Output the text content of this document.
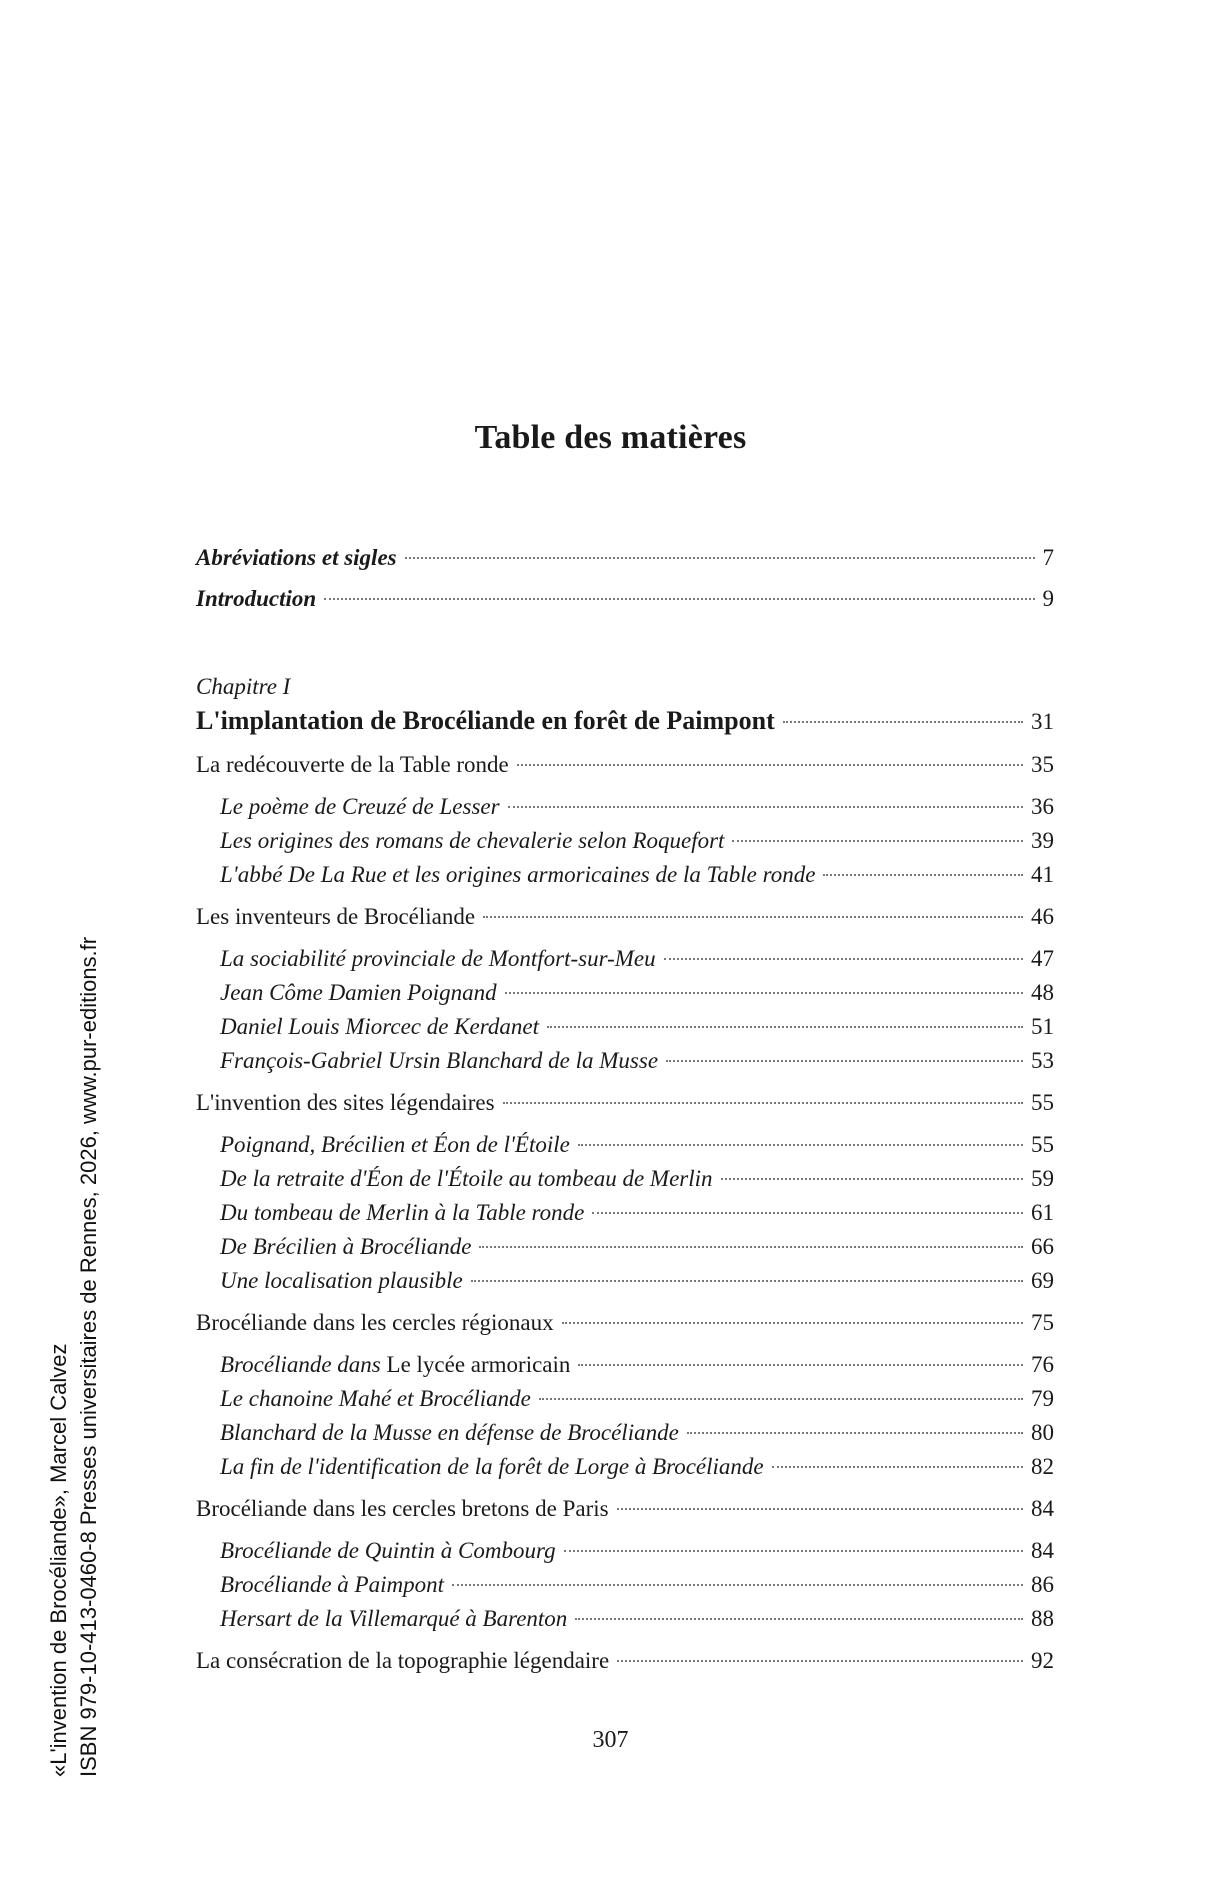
Table des matières
Abréviations et sigles	7
Introduction	9
Chapitre I
L'implantation de Brocéliande en forêt de Paimpont	31
La redécouverte de la Table ronde	35
Le poème de Creuzé de Lesser	36
Les origines des romans de chevalerie selon Roquefort	39
L'abbé De La Rue et les origines armoricaines de la Table ronde	41
Les inventeurs de Brocéliande	46
La sociabilité provinciale de Montfort-sur-Meu	47
Jean Côme Damien Poignand	48
Daniel Louis Miorcec de Kerdanet	51
François-Gabriel Ursin Blanchard de la Musse	53
L'invention des sites légendaires	55
Poignand, Brécilien et Éon de l'Étoile	55
De la retraite d'Éon de l'Étoile au tombeau de Merlin	59
Du tombeau de Merlin à la Table ronde	61
De Brécilien à Brocéliande	66
Une localisation plausible	69
Brocéliande dans les cercles régionaux	75
Brocéliande dans Le lycée armoricain	76
Le chanoine Mahé et Brocéliande	79
Blanchard de la Musse en défense de Brocéliande	80
La fin de l'identification de la forêt de Lorge à Brocéliande	82
Brocéliande dans les cercles bretons de Paris	84
Brocéliande de Quintin à Combourg	84
Brocéliande à Paimpont	86
Hersart de la Villemarqué à Barenton	88
La consécration de la topographie légendaire	92
307
«L'invention de Brocéliande», Marcel Calvez ISBN 979-10-413-0460-8 Presses universitaires de Rennes, 2026, www.pur-editions.fr
